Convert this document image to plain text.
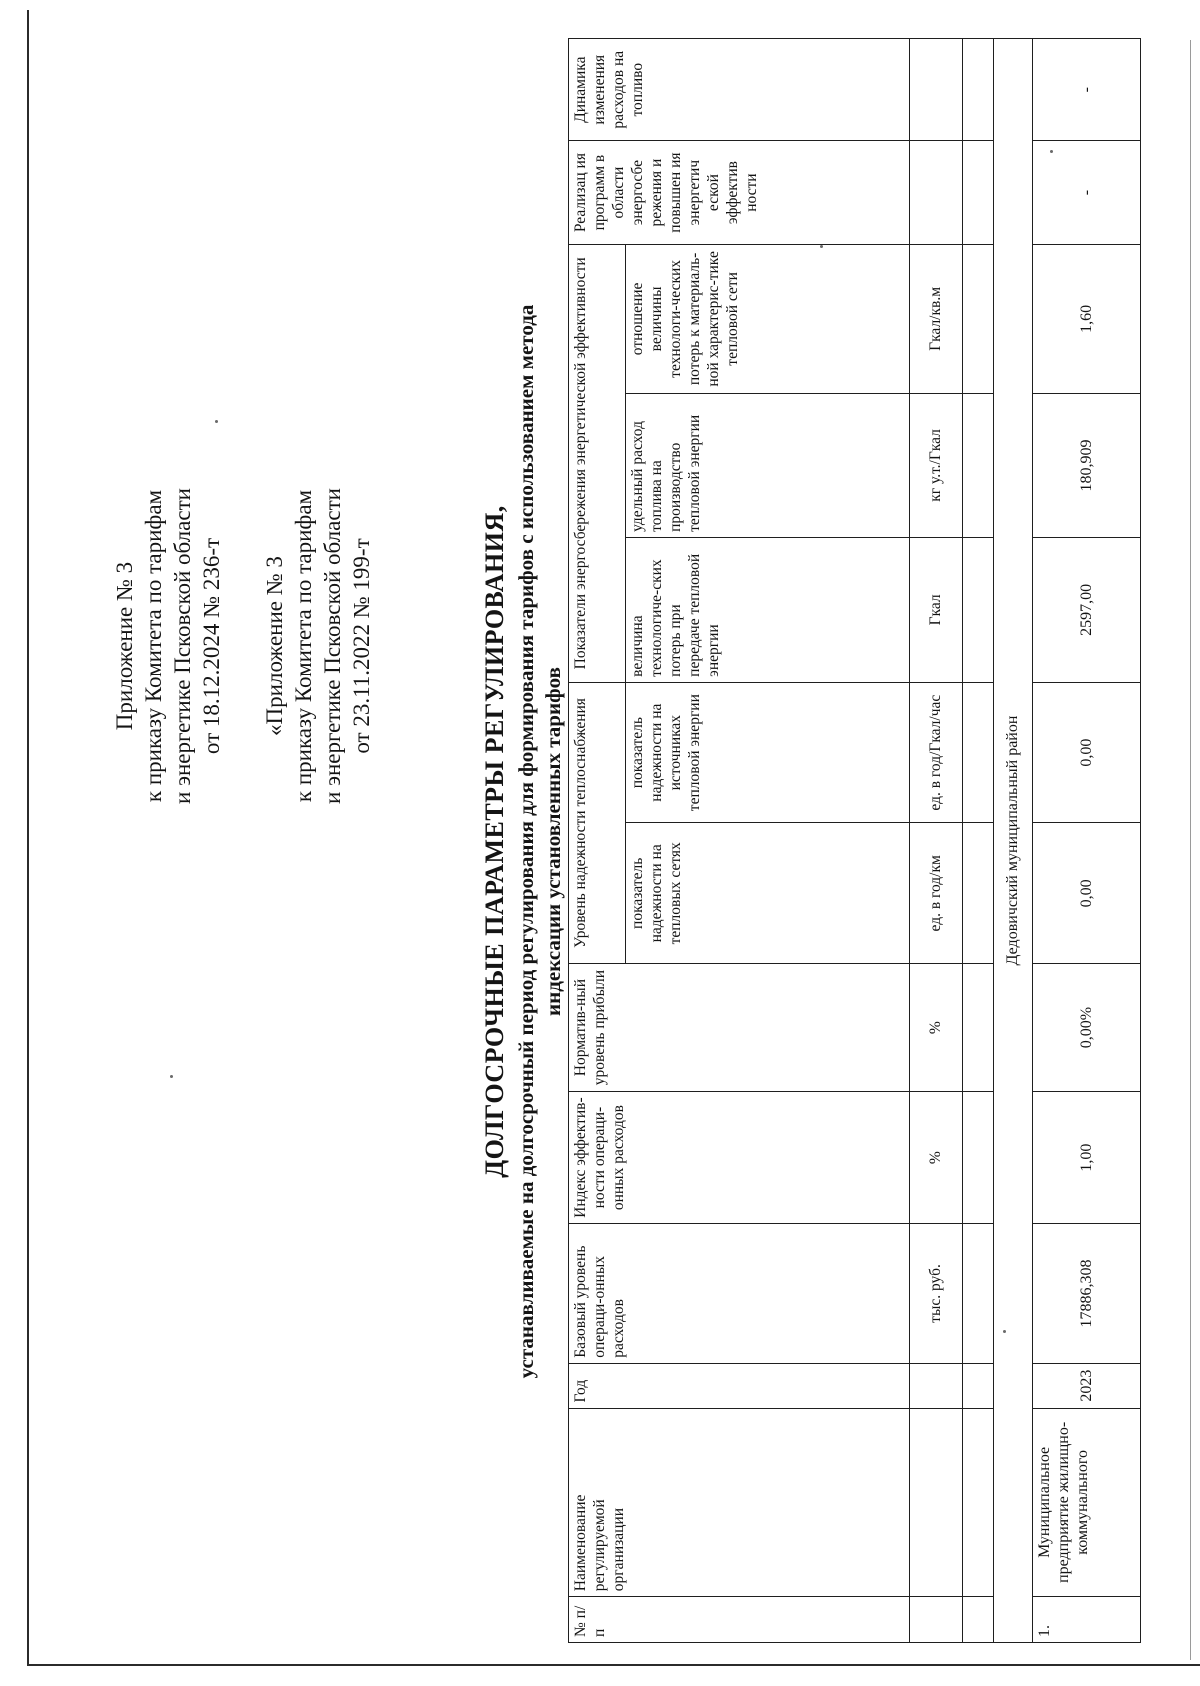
Приложение № 3 к приказу Комитета по тарифам и энергетике Псковской области от 18.12.2024 № 236-т «Приложение № 3 к приказу Комитета по тарифам и энергетике Псковской области от 23.11.2022 № 199-т	ДОЛГОСРОЧНЫЕ ПАРАМЕТРЫ РЕГУЛИРОВАНИЯ, устанавливаемые на долгосрочный период регулирования для формирования тарифов с использованием метода индексации установленных тарифов
№ п/п	Наименование регулируемой организации	Год	Базовый уровень операци-онных расходов	Индекс эффектив-ности операци-онных расходов	Норматив-ный уровень прибыли	Уровень надежности теплоснабжения		Показатели энергосбережения энергетической эффективности			Реализац ия программ в области энергосбе режения и повышен ия энергетич еской эффектив ности	Динамика изменения расходов на топливо
						показатель надежности на тепловых сетях	показатель надежности на источниках тепловой энергии	величина технологиче-ских потерь при передаче тепловой энергии	удельный расход топлива на производство тепловой энергии	отношение величины технологи-ческих потерь к материаль-ной характерис-тике тепловой сети		
			тыс. руб.	%	%	ед. в год/км	ед. в год/Гкал/час	Гкал	кг у.т./Гкал	Гкал/кв.м		

Дедовичский муниципальный район												
1.	Муниципальное предприятие жилищно-коммунального	2023	17886,308	1,00	0,00%	0,00	0,00	2597,00	180,909	1,60	-	-
